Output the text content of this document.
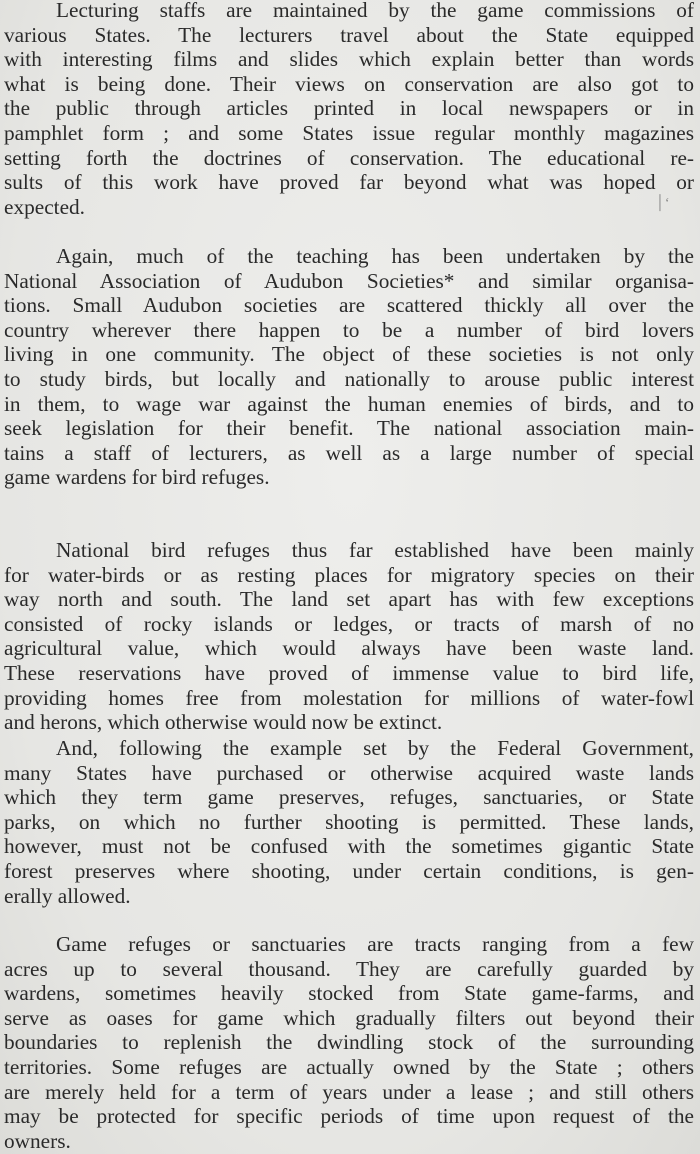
Lecturing staffs are maintained by the game commissions of
various States. The lecturers travel about the State equipped
with interesting films and slides which explain better than words
what is being done. Their views on conservation are also got to
the public through articles printed in local newspapers or in
pamphlet form ; and some States issue regular monthly magazines
setting forth the doctrines of conservation. The educational re-
sults of this work have proved far beyond what was hoped or
expected.
Again, much of the teaching has been undertaken by the
National Association of Audubon Societies* and similar organisa-
tions. Small Audubon societies are scattered thickly all over the
country wherever there happen to be a number of bird lovers
living in one community. The object of these societies is not only
to study birds, but locally and nationally to arouse public interest
in them, to wage war against the human enemies of birds, and to
seek legislation for their benefit. The national association main-
tains a staff of lecturers, as well as a large number of special
game wardens for bird refuges.
National bird refuges thus far established have been mainly
for water-birds or as resting places for migratory species on their
way north and south. The land set apart has with few exceptions
consisted of rocky islands or ledges, or tracts of marsh of no
agricultural value, which would always have been waste land.
These reservations have proved of immense value to bird life,
providing homes free from molestation for millions of water-fowl
and herons, which otherwise would now be extinct.
And, following the example set by the Federal Government,
many States have purchased or otherwise acquired waste lands
which they term game preserves, refuges, sanctuaries, or State
parks, on which no further shooting is permitted. These lands,
however, must not be confused with the sometimes gigantic State
forest preserves where shooting, under certain conditions, is gen-
erally allowed.
Game refuges or sanctuaries are tracts ranging from a few
acres up to several thousand. They are carefully guarded by
wardens, sometimes heavily stocked from State game-farms, and
serve as oases for game which gradually filters out beyond their
boundaries to replenish the dwindling stock of the surrounding
territories. Some refuges are actually owned by the State ; others
are merely held for a term of years under a lease ; and still others
may be protected for specific periods of time upon request of the
owners.
│ʻ
